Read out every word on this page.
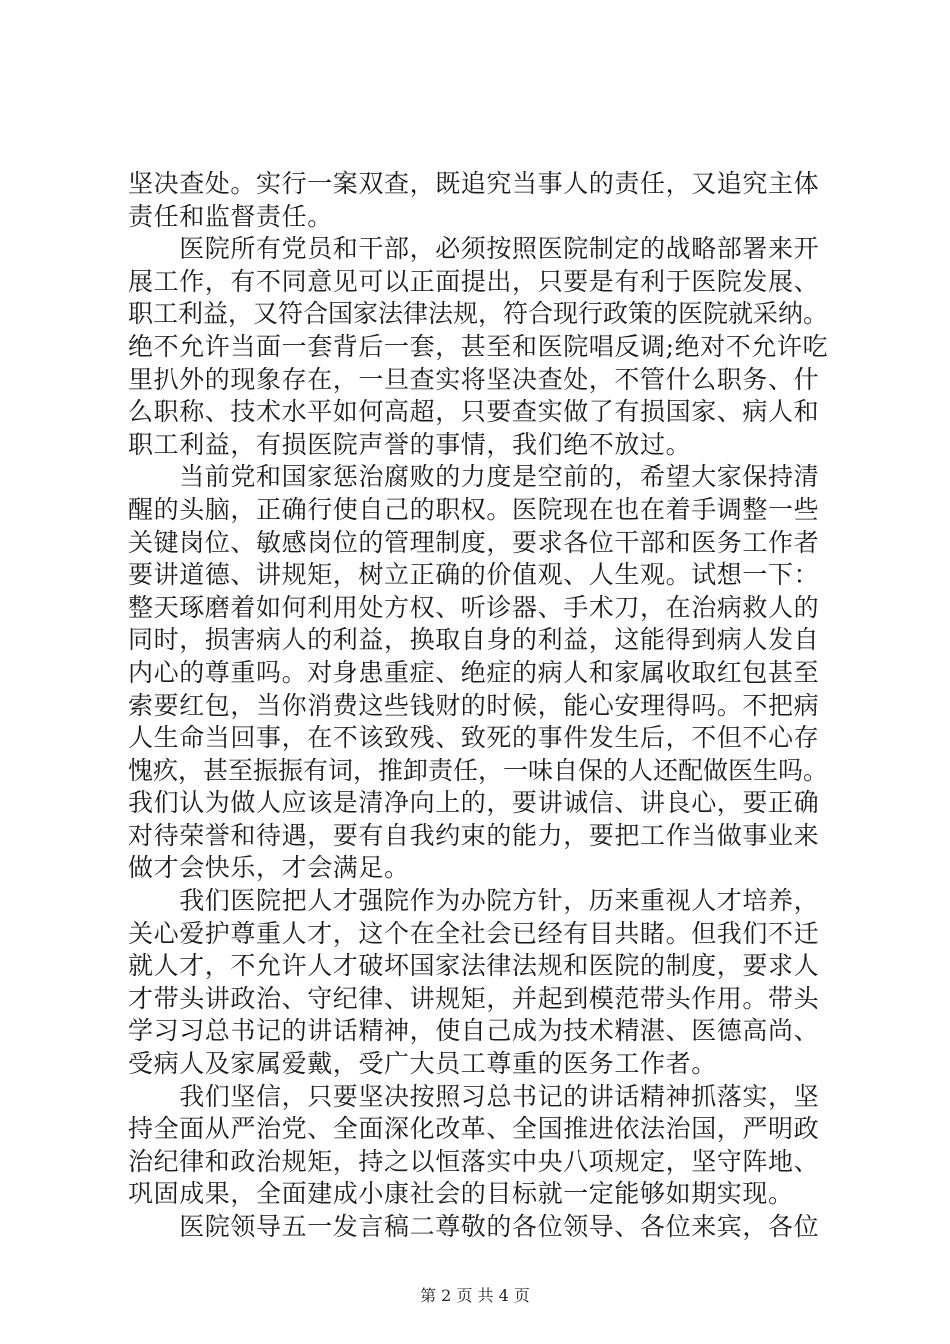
坚决查处。实行一案双查，既追究当事人的责任，又追究主体
责任和监督责任。
　　医院所有党员和干部，必须按照医院制定的战略部署来开
展工作，有不同意见可以正面提出，只要是有利于医院发展、
职工利益，又符合国家法律法规，符合现行政策的医院就采纳。
绝不允许当面一套背后一套，甚至和医院唱反调;绝对不允许吃
里扒外的现象存在，一旦查实将坚决查处，不管什么职务、什
么职称、技术水平如何高超，只要查实做了有损国家、病人和
职工利益，有损医院声誉的事情，我们绝不放过。
　　当前党和国家惩治腐败的力度是空前的，希望大家保持清
醒的头脑，正确行使自己的职权。医院现在也在着手调整一些
关键岗位、敏感岗位的管理制度，要求各位干部和医务工作者
要讲道德、讲规矩，树立正确的价值观、人生观。试想一下：
整天琢磨着如何利用处方权、听诊器、手术刀，在治病救人的
同时，损害病人的利益，换取自身的利益，这能得到病人发自
内心的尊重吗。对身患重症、绝症的病人和家属收取红包甚至
索要红包，当你消费这些钱财的时候，能心安理得吗。不把病
人生命当回事，在不该致残、致死的事件发生后，不但不心存
愧疚，甚至振振有词，推卸责任，一味自保的人还配做医生吗。
我们认为做人应该是清净向上的，要讲诚信、讲良心，要正确
对待荣誉和待遇，要有自我约束的能力，要把工作当做事业来
做才会快乐，才会满足。
　　我们医院把人才强院作为办院方针，历来重视人才培养，
关心爱护尊重人才，这个在全社会已经有目共睹。但我们不迁
就人才，不允许人才破坏国家法律法规和医院的制度，要求人
才带头讲政治、守纪律、讲规矩，并起到模范带头作用。带头
学习习总书记的讲话精神，使自己成为技术精湛、医德高尚、
受病人及家属爱戴，受广大员工尊重的医务工作者。
　　我们坚信，只要坚决按照习总书记的讲话精神抓落实，坚
持全面从严治党、全面深化改革、全国推进依法治国，严明政
治纪律和政治规矩，持之以恒落实中央八项规定，坚守阵地、
巩固成果，全面建成小康社会的目标就一定能够如期实现。
　　医院领导五一发言稿二尊敬的各位领导、各位来宾，各位
第 2 页 共 4 页
